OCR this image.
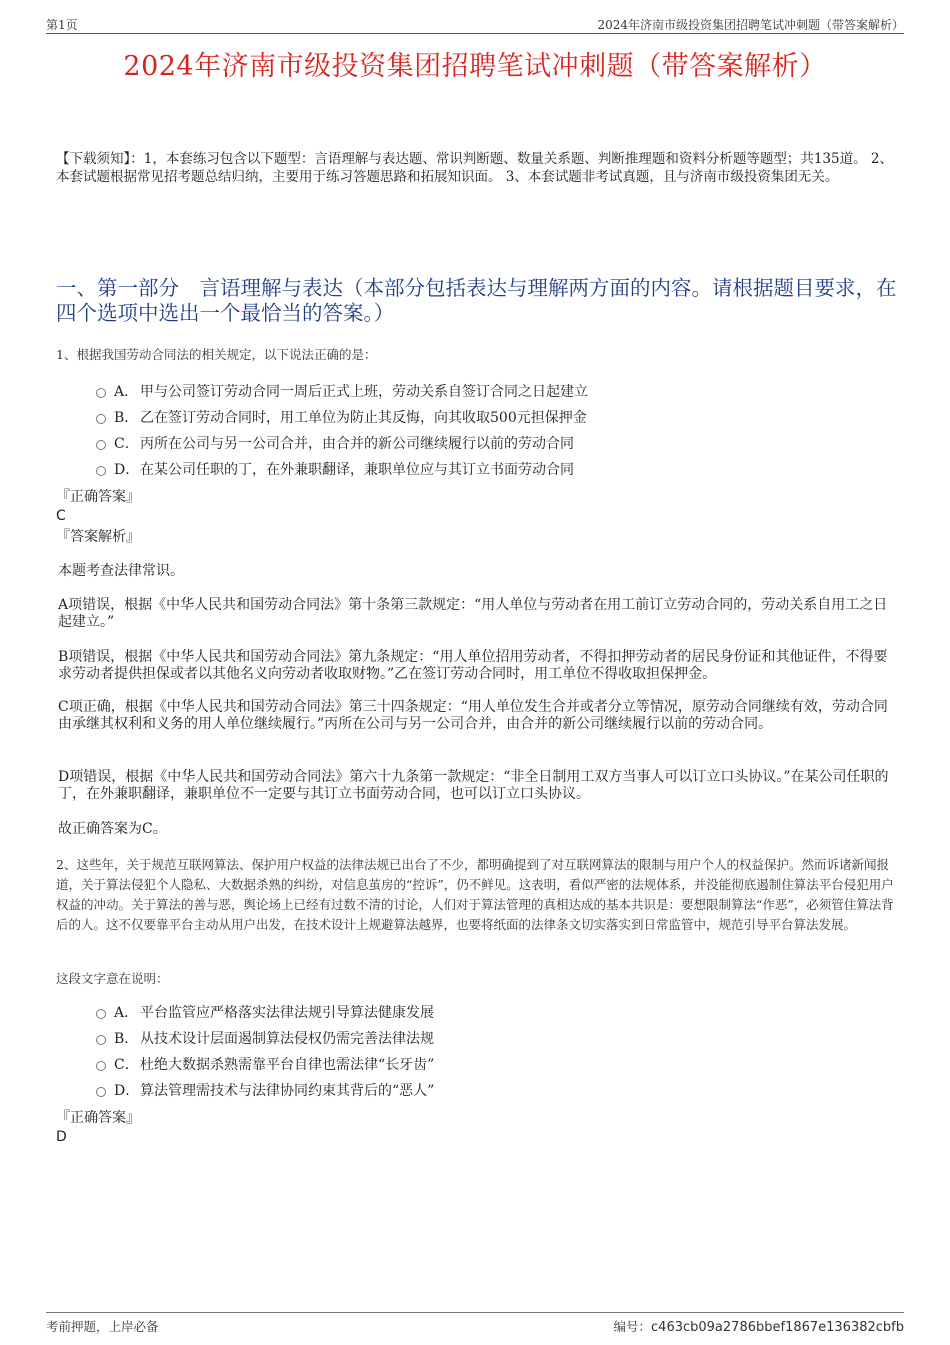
第1页	2024年济南市级投资集团招聘笔试冲刺题（带答案解析）
2024年济南市级投资集团招聘笔试冲刺题（带答案解析）
【下载须知】：1，本套练习包含以下题型：言语理解与表达题、常识判断题、数量关系题、判断推理题和资料分析题等题型；共135道。 2、本套试题根据常见招考题总结归纳，主要用于练习答题思路和拓展知识面。 3、本套试题非考试真题，且与济南市级投资集团无关。
一、第一部分　言语理解与表达（本部分包括表达与理解两方面的内容。请根据题目要求，在四个选项中选出一个最恰当的答案。）
1、根据我国劳动合同法的相关规定，以下说法正确的是：
A． 甲与公司签订劳动合同一周后正式上班，劳动关系自签订合同之日起建立
B． 乙在签订劳动合同时，用工单位为防止其反悔，向其收取500元担保押金
C． 丙所在公司与另一公司合并，由合并的新公司继续履行以前的劳动合同
D． 在某公司任职的丁，在外兼职翻译，兼职单位应与其订立书面劳动合同
『正确答案』
C
『答案解析』
本题考查法律常识。
A项错误，根据《中华人民共和国劳动合同法》第十条第三款规定：“用人单位与劳动者在用工前订立劳动合同的，劳动关系自用工之日起建立。”
B项错误，根据《中华人民共和国劳动合同法》第九条规定：“用人单位招用劳动者，不得扣押劳动者的居民身份证和其他证件，不得要求劳动者提供担保或者以其他名义向劳动者收取财物。”乙在签订劳动合同时，用工单位不得收取担保押金。
C项正确，根据《中华人民共和国劳动合同法》第三十四条规定：“用人单位发生合并或者分立等情况，原劳动合同继续有效，劳动合同由承继其权利和义务的用人单位继续履行。”丙所在公司与另一公司合并，由合并的新公司继续履行以前的劳动合同。
D项错误，根据《中华人民共和国劳动合同法》第六十九条第一款规定：“非全日制用工双方当事人可以订立口头协议。”在某公司任职的丁，在外兼职翻译，兼职单位不一定要与其订立书面劳动合同，也可以订立口头协议。
故正确答案为C。
2、这些年，关于规范互联网算法、保护用户权益的法律法规已出台了不少，都明确提到了对互联网算法的限制与用户个人的权益保护。然而诉诸新闻报道，关于算法侵犯个人隐私、大数据杀熟的纠纷，对信息茧房的“控诉”，仍不鲜见。这表明，看似严密的法规体系，并没能彻底遏制住算法平台侵犯用户权益的冲动。关于算法的善与恶，舆论场上已经有过数不清的讨论，人们对于算法管理的真相达成的基本共识是：要想限制算法“作恶”，必须管住算法背后的人。这不仅要靠平台主动从用户出发，在技术设计上规避算法越界，也要将纸面的法律条文切实落实到日常监管中，规范引导平台算法发展。
这段文字意在说明：
A． 平台监管应严格落实法律法规引导算法健康发展
B． 从技术设计层面遏制算法侵权仍需完善法律法规
C． 杜绝大数据杀熟需靠平台自律也需法律“长牙齿”
D． 算法管理需技术与法律协同约束其背后的“恶人”
『正确答案』
D
考前押题，上岸必备	编号：c463cb09a2786bbef1867e136382cbfb
